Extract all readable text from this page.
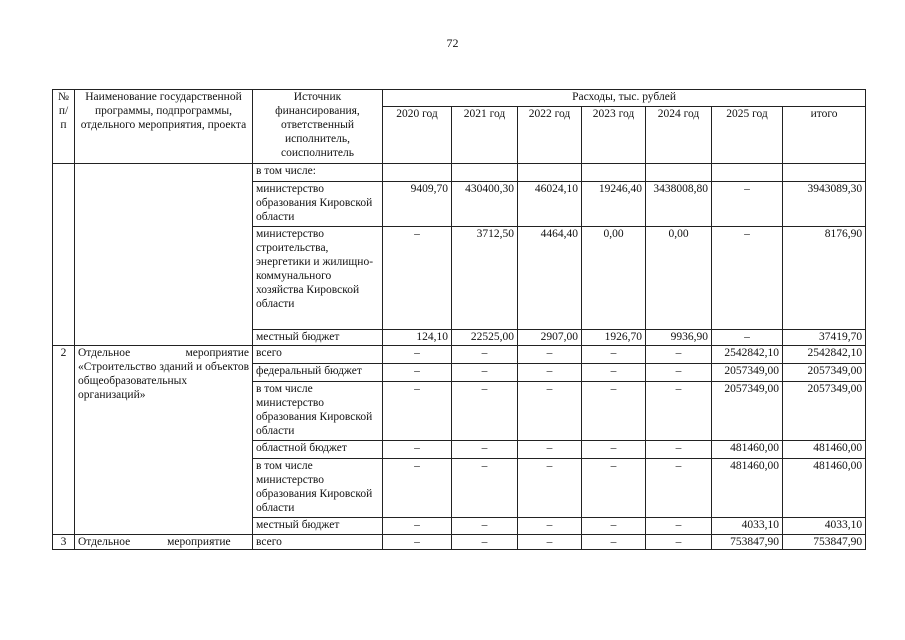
72
№ п/п	Наименование государственной программы, подпрограммы, отдельного мероприятия, проекта	Источник финансирования, ответственный исполнитель, соисполнитель	Расходы, тыс. рублей						
			2020 год	2021 год	2022 год	2023 год	2024 год	2025 год	итого
		в том числе:							
		министерство образования Кировской области	9409,70	430400,30	46024,10	19246,40	3438008,80	–	3943089,30
		министерство строительства, энергетики и жилищно-коммунального хозяйства Кировской области	–	3712,50	4464,40	0,00	0,00	–	8176,90
		местный бюджет	124,10	22525,00	2907,00	1926,70	9936,90	–	37419,70
2	Отдельное мероприятие «Строительство зданий и объектов общеобразовательных организаций»	всего	–	–	–	–	–	2542842,10	2542842,10
		федеральный бюджет	–	–	–	–	–	2057349,00	2057349,00
		в том числе министерство образования Кировской области	–	–	–	–	–	2057349,00	2057349,00
		областной бюджет	–	–	–	–	–	481460,00	481460,00
		в том числе министерство образования Кировской области	–	–	–	–	–	481460,00	481460,00
		местный бюджет	–	–	–	–	–	4033,10	4033,10
3	Отдельное мероприятие	всего	–	–	–	–	–	753847,90	753847,90
